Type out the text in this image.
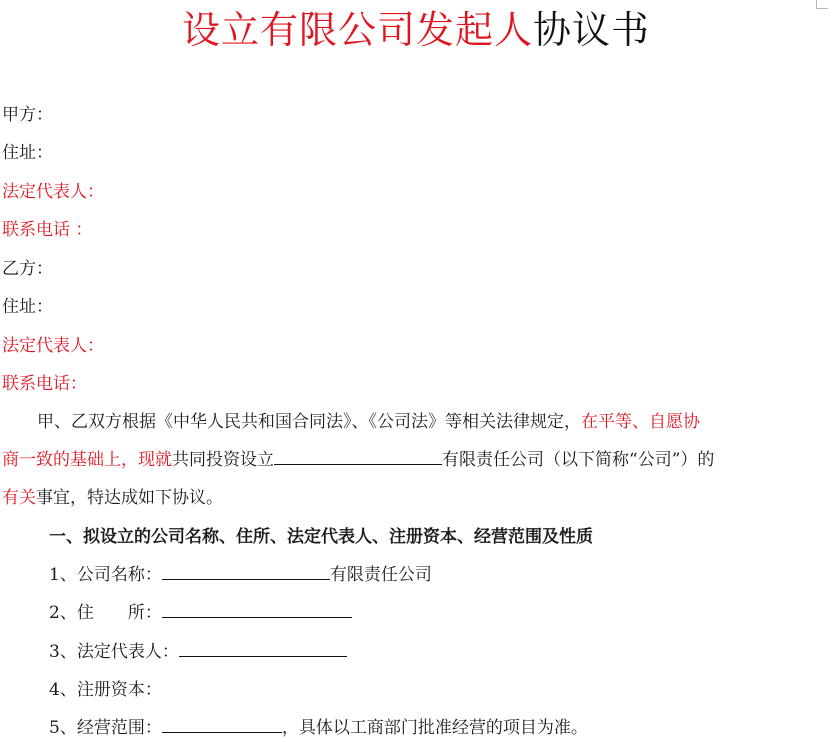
设立有限公司发起人协议书
甲方：
住址：
法定代表人：
联系电话 ：
乙方：
住址：
法定代表人：
联系电话：
甲、乙双方根据《中华人民共和国合同法》、《公司法》等相关法律规定，在平等、自愿协
商一致的基础上，现就共同投资设立	有限责任公司（以下简称“公司”）的
有关事宜，特达成如下协议。
一、拟设立的公司名称、住所、法定代表人、注册资本、经营范围及性质
1、公司名称：	有限责任公司
2、住　　所：
3、法定代表人：
4、注册资本：
5、经营范围：	，具体以工商部门批准经营的项目为准。
